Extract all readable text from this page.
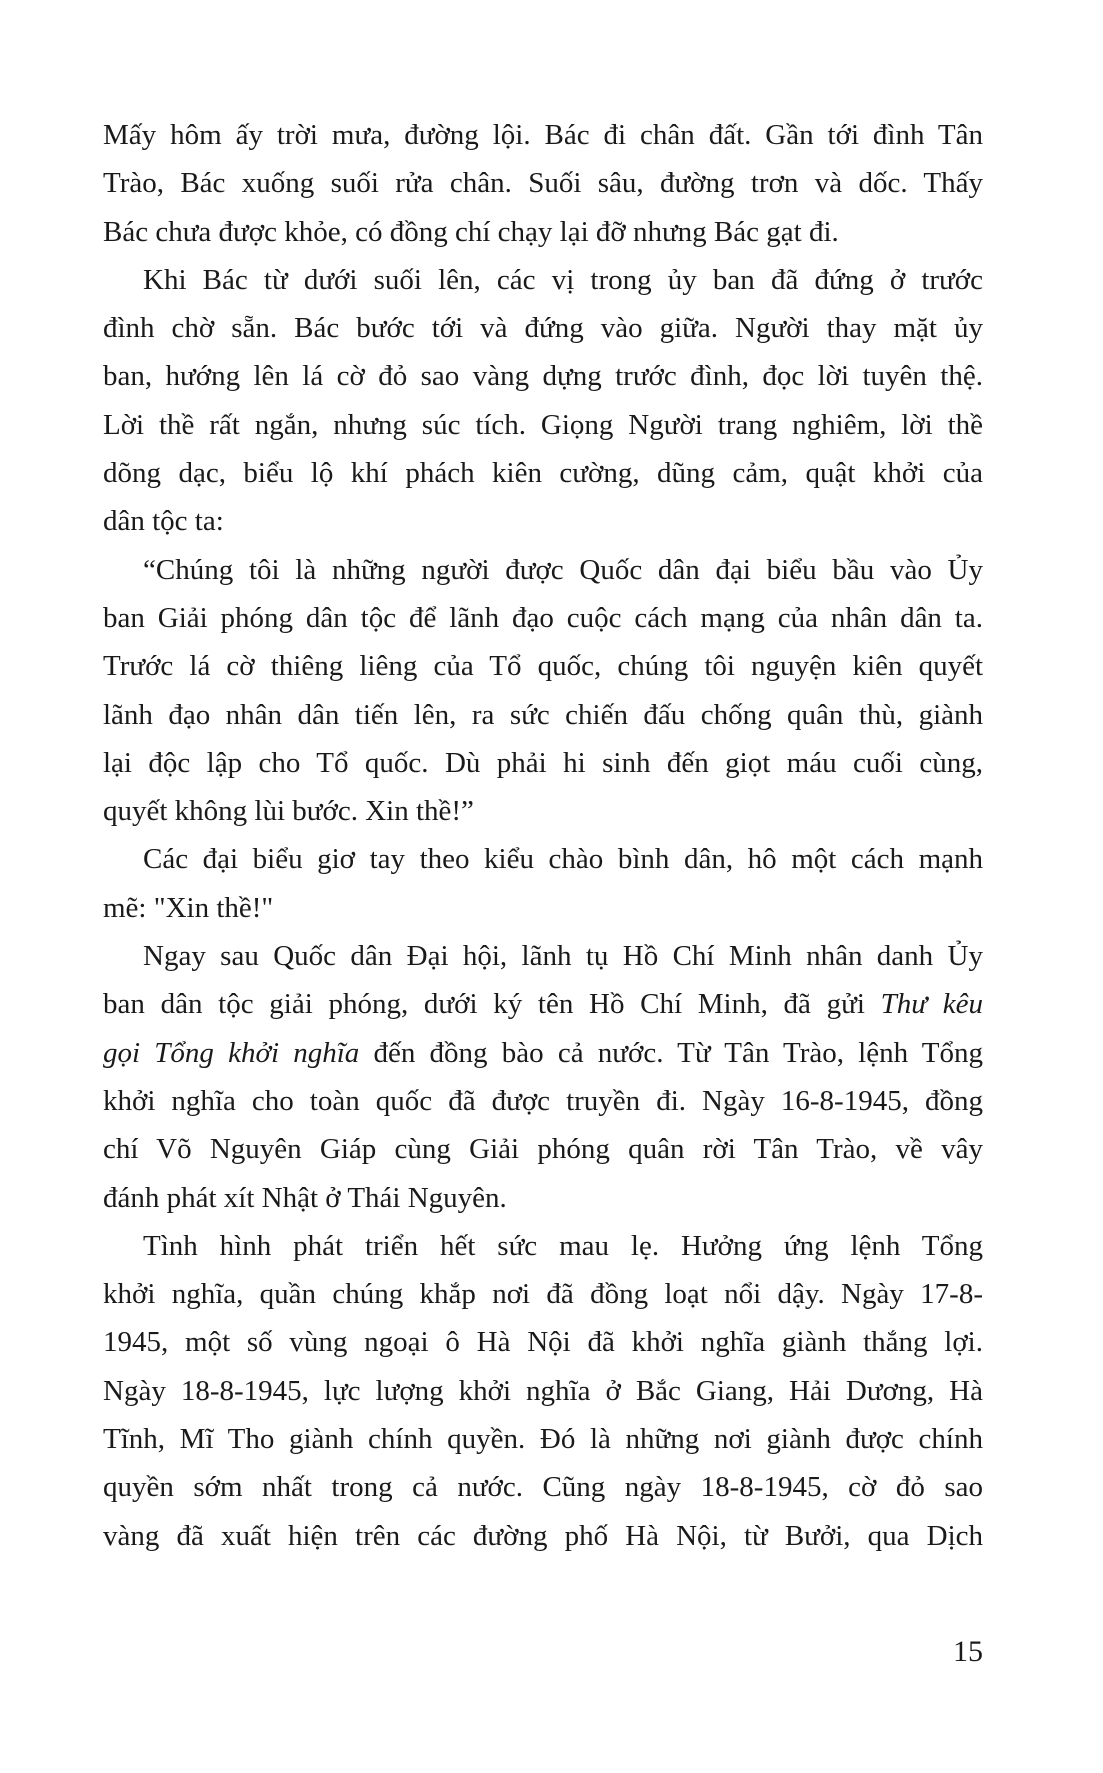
Mấy hôm ấy trời mưa, đường lội. Bác đi chân đất. Gần tới đình Tân
Trào, Bác xuống suối rửa chân. Suối sâu, đường trơn và dốc. Thấy
Bác chưa được khỏe, có đồng chí chạy lại đỡ nhưng Bác gạt đi.
Khi Bác từ dưới suối lên, các vị trong ủy ban đã đứng ở trước
đình chờ sẵn. Bác bước tới và đứng vào giữa. Người thay mặt ủy
ban, hướng lên lá cờ đỏ sao vàng dựng trước đình, đọc lời tuyên thệ.
Lời thề rất ngắn, nhưng súc tích. Giọng Người trang nghiêm, lời thề
dõng dạc, biểu lộ khí phách kiên cường, dũng cảm, quật khởi của
dân tộc ta:
“Chúng tôi là những người được Quốc dân đại biểu bầu vào Ủy
ban Giải phóng dân tộc để lãnh đạo cuộc cách mạng của nhân dân ta.
Trước lá cờ thiêng liêng của Tổ quốc, chúng tôi nguyện kiên quyết
lãnh đạo nhân dân tiến lên, ra sức chiến đấu chống quân thù, giành
lại độc lập cho Tổ quốc. Dù phải hi sinh đến giọt máu cuối cùng,
quyết không lùi bước. Xin thề!”
Các đại biểu giơ tay theo kiểu chào bình dân, hô một cách mạnh
mẽ: "Xin thề!"
Ngay sau Quốc dân Đại hội, lãnh tụ Hồ Chí Minh nhân danh Ủy
ban dân tộc giải phóng, dưới ký tên Hồ Chí Minh, đã gửi Thư kêu
gọi Tổng khởi nghĩa đến đồng bào cả nước. Từ Tân Trào, lệnh Tổng
khởi nghĩa cho toàn quốc đã được truyền đi. Ngày 16-8-1945, đồng
chí Võ Nguyên Giáp cùng Giải phóng quân rời Tân Trào, về vây
đánh phát xít Nhật ở Thái Nguyên.
Tình hình phát triển hết sức mau lẹ. Hưởng ứng lệnh Tổng
khởi nghĩa, quần chúng khắp nơi đã đồng loạt nổi dậy. Ngày 17-8-
1945, một số vùng ngoại ô Hà Nội đã khởi nghĩa giành thắng lợi.
Ngày 18-8-1945, lực lượng khởi nghĩa ở Bắc Giang, Hải Dương, Hà
Tĩnh, Mĩ Tho giành chính quyền. Đó là những nơi giành được chính
quyền sớm nhất trong cả nước. Cũng ngày 18-8-1945, cờ đỏ sao
vàng đã xuất hiện trên các đường phố Hà Nội, từ Bưởi, qua Dịch
15
